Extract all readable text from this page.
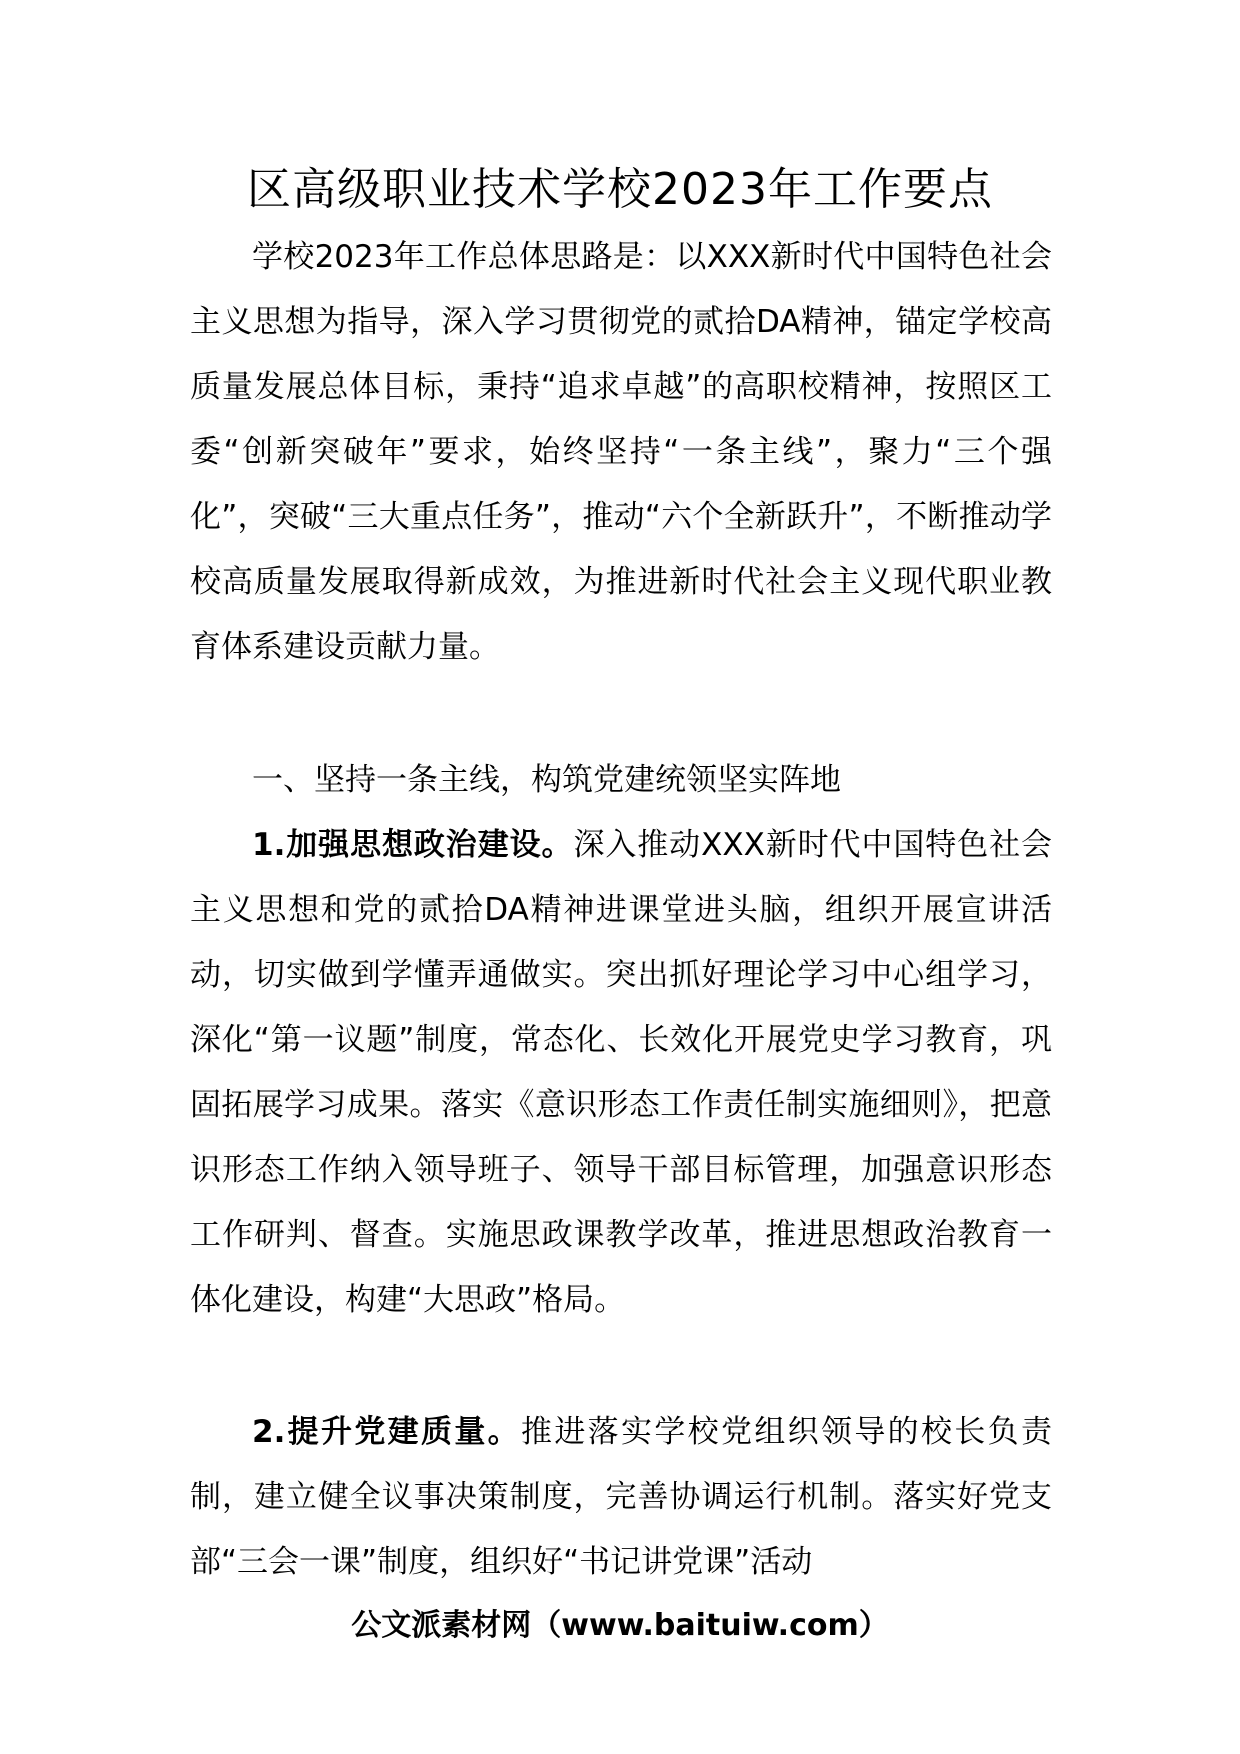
区高级职业技术学校2023年工作要点

学校2023年工作总体思路是：以XXX新时代中国特色社会主义思想为指导，深入学习贯彻党的贰拾DA精神，锚定学校高质量发展总体目标，秉持“追求卓越”的高职校精神，按照区工委“创新突破年”要求，始终坚持“一条主线”，聚力“三个强化”，突破“三大重点任务”，推动“六个全新跃升”，不断推动学校高质量发展取得新成效，为推进新时代社会主义现代职业教育体系建设贡献力量。

一、坚持一条主线，构筑党建统领坚实阵地

1.加强思想政治建设。深入推动XXX新时代中国特色社会主义思想和党的贰拾DA精神进课堂进头脑，组织开展宣讲活动，切实做到学懂弄通做实。突出抓好理论学习中心组学习，深化“第一议题”制度，常态化、长效化开展党史学习教育，巩固拓展学习成果。落实《意识形态工作责任制实施细则》，把意识形态工作纳入领导班子、领导干部目标管理，加强意识形态工作研判、督查。实施思政课教学改革，推进思想政治教育一体化建设，构建“大思政”格局。

2.提升党建质量。推进落实学校党组织领导的校长负责制，建立健全议事决策制度，完善协调运行机制。落实好党支部“三会一课”制度，组织好“书记讲党课”活动

公文派素材网（www.baituiw.com）
